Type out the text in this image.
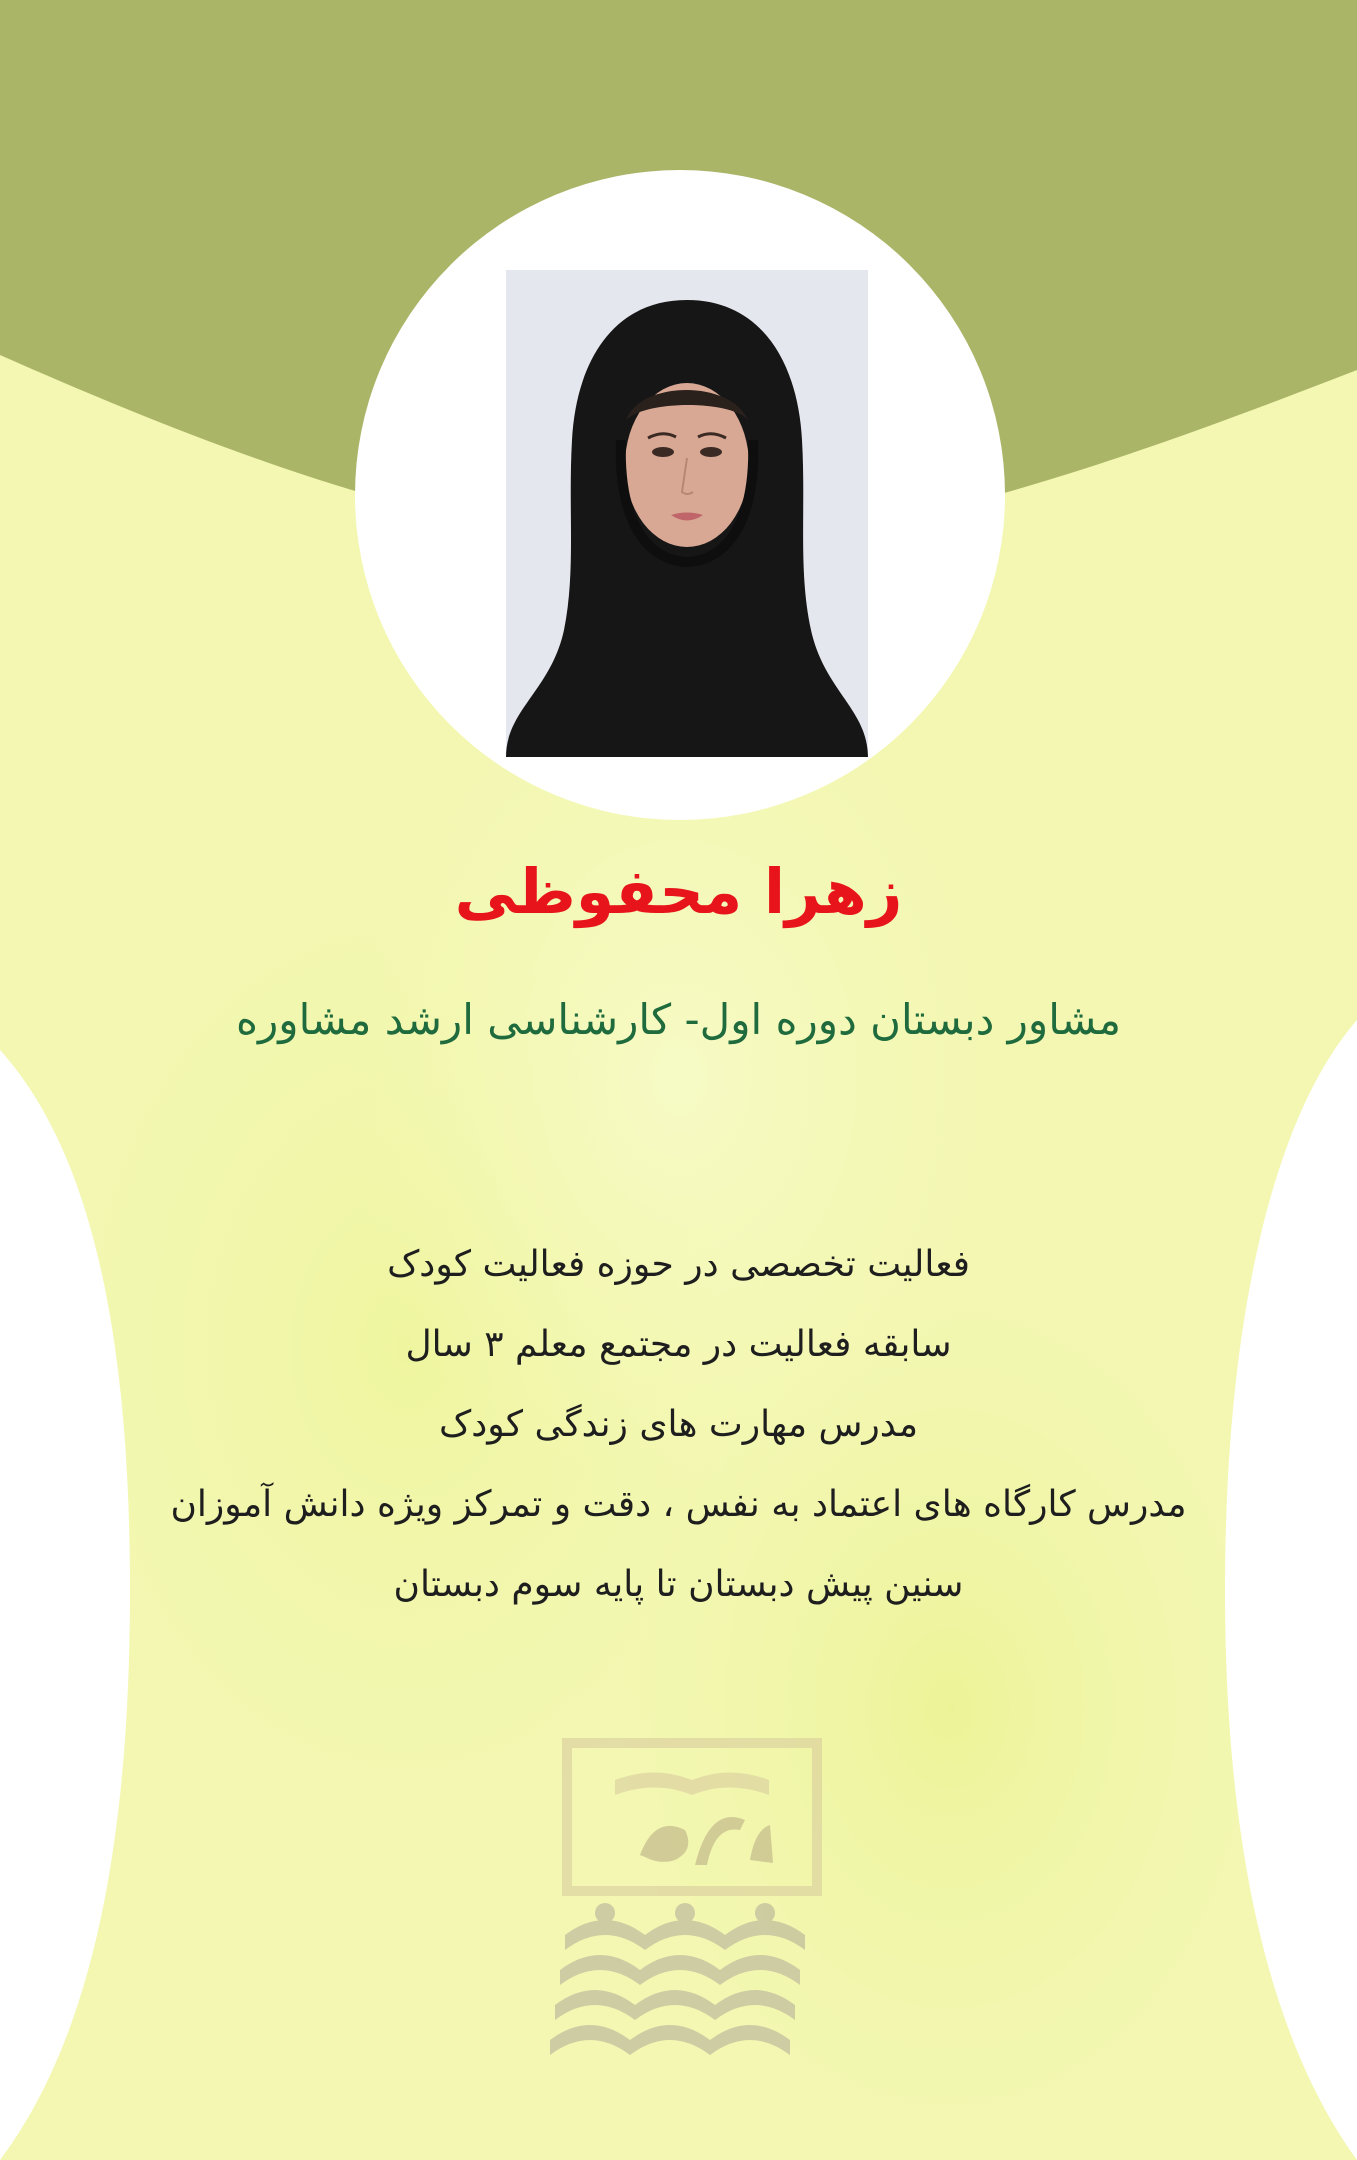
زهرا محفوظی

مشاور دبستان دوره اول- کارشناسی ارشد مشاوره

فعالیت تخصصی در حوزه فعالیت کودک
سابقه فعالیت در مجتمع معلم ۳ سال
مدرس مهارت های زندگی کودک
مدرس کارگاه های اعتماد به نفس ، دقت و تمرکز ویژه دانش آموزان
سنین پیش دبستان تا پایه سوم دبستان
